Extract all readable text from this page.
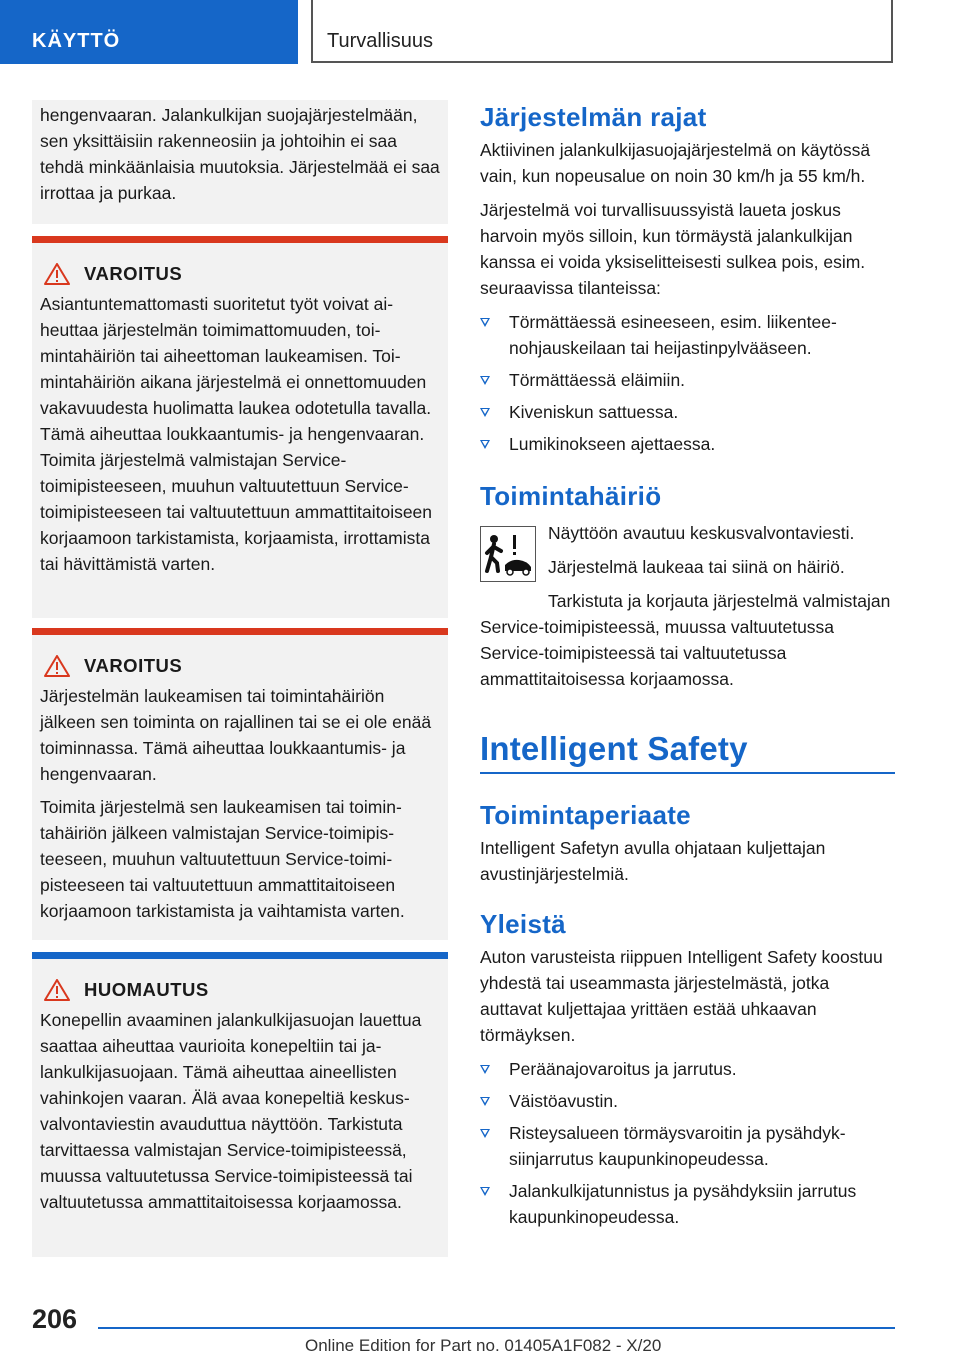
KÄYTTÖ	Turvallisuus

hengenvaaran. Jalankulkijan suojajärjestelmään, sen yksittäisiin rakenneosiin ja johtoihin ei saa tehdä minkäänlaisia muutoksia. Järjestelmää ei saa irrottaa ja purkaa.

VAROITUS

Asiantuntemattomasti suoritetut työt voivat aiheuttaa järjestelmän toimimattomuuden, toimintahäiriön tai aiheettoman laukeamisen. Toimintahäiriön aikana järjestelmä ei onnettomuuden vakavuudesta huolimatta laukea odotetulla tavalla. Tämä aiheuttaa loukkaantumis- ja hengenvaaran. Toimita järjestelmä valmistajan Service-toimipisteeseen, muuhun valtuutettuun Service-toimipisteeseen tai valtuutettuun ammattitaitoiseen korjaamoon tarkistamista, korjaamista, irrottamista tai hävittämistä varten.

VAROITUS

Järjestelmän laukeamisen tai toimintahäiriön jälkeen sen toiminta on rajallinen tai se ei ole enää toiminnassa. Tämä aiheuttaa loukkaantumis- ja hengenvaaran.

Toimita järjestelmä sen laukeamisen tai toimintahäiriön jälkeen valmistajan Service-toimipisteeseen, muuhun valtuutettuun Service-toimipisteeseen tai valtuutettuun ammattitaitoiseen korjaamoon tarkistamista ja vaihtamista varten.

HUOMAUTUS

Konepellin avaaminen jalankulkijasuojan lauettua saattaa aiheuttaa vaurioita konepeltiin tai jalankulkijasuojaan. Tämä aiheuttaa aineellisten vahinkojen vaaran. Älä avaa konepeltiä keskusvalvontaviestin avauduttua näyttöön. Tarkistuta tarvittaessa valmistajan Service-toimipisteessä, muussa valtuutetussa Service-toimipisteessä tai valtuutetussa ammattitaitoisessa korjaamossa.

Järjestelmän rajat

Aktiivinen jalankulkijasuojajärjestelmä on käytössä vain, kun nopeusalue on noin 30 km/h ja 55 km/h.

Järjestelmä voi turvallisuussyistä laueta joskus harvoin myös silloin, kun törmäystä jalankulkijan kanssa ei voida yksiselitteisesti sulkea pois, esim. seuraavissa tilanteissa:

Törmättäessä esineeseen, esim. liikenteenohjauskeilaan tai heijastinpylvääseen.
Törmättäessä eläimiin.
Kiveniskun sattuessa.
Lumikinokseen ajettaessa.
Toimintahäiriö

Näyttöön avautuu keskusvalvontaviesti.

Järjestelmä laukeaa tai siinä on häiriö.

Tarkistuta ja korjauta järjestelmä valmistajan Service-toimipisteessä, muussa valtuutetussa Service-toimipisteessä tai valtuutetussa ammattitaitoisessa korjaamossa.

Intelligent Safety
Toimintaperiaate

Intelligent Safetyn avulla ohjataan kuljettajan avustinjärjestelmiä.

Yleistä

Auton varusteista riippuen Intelligent Safety koostuu yhdestä tai useammasta järjestelmästä, jotka auttavat kuljettajaa yrittäen estää uhkaavan törmäyksen.

Peräänajovaroitus ja jarrutus.
Väistöavustin.
Risteysalueen törmäysvaroitin ja pysähdyksiinjarrutus kaupunkinopeudessa.
Jalankulkijatunnistus ja pysähdyksiin jarrutus kaupunkinopeudessa.
206
Online Edition for Part no. 01405A1F082 - X/20
